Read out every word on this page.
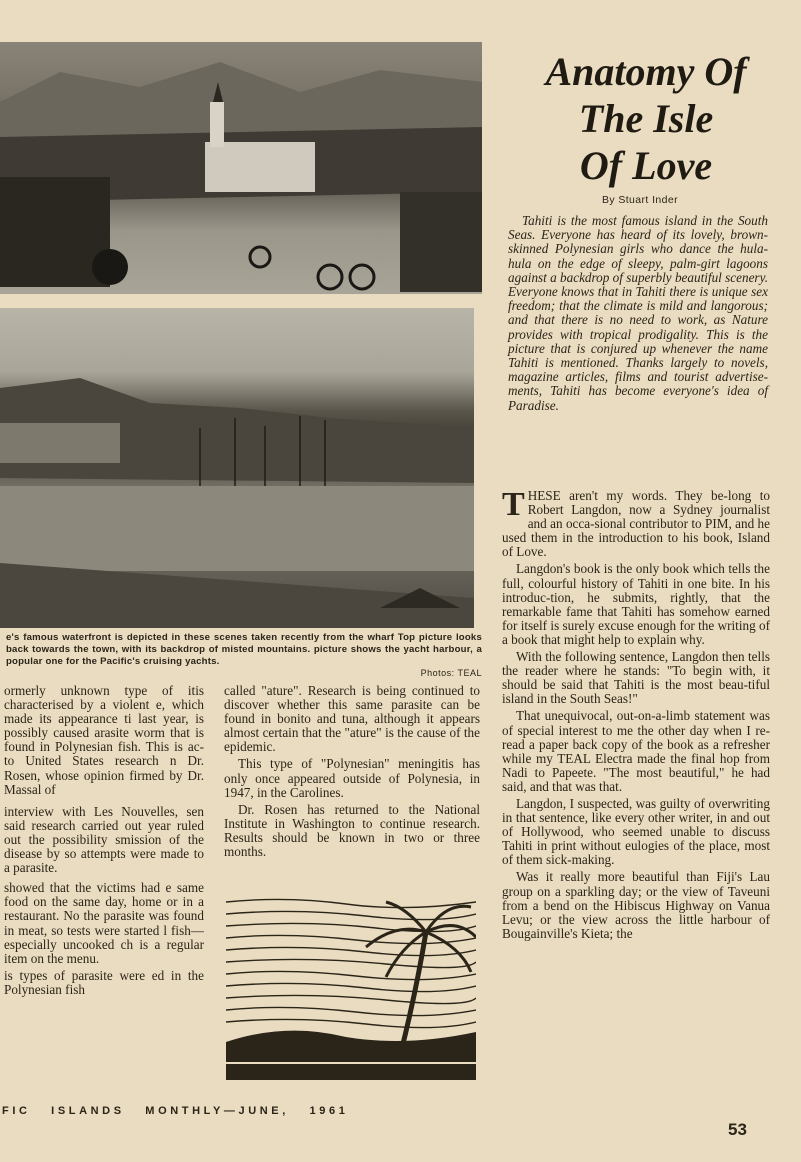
e's famous waterfront is depicted in these scenes taken recently from the wharf Top picture looks back towards the town, with its backdrop of misted mountains. picture shows the yacht harbour, a popular one for the Pacific's cruising yachts.
Photos: TEAL
Anatomy Of
The Isle
Of Love
By Stuart Inder
Tahiti is the most famous island in the South Seas. Everyone has heard of its lovely, brown-skinned Polynesian girls who dance the hula-hula on the edge of sleepy, palm-girt lagoons against a backdrop of superbly beautiful scenery. Everyone knows that in Tahiti there is unique sex freedom; that the climate is mild and langorous; and that there is no need to work, as Nature provides with tropical prodigality. This is the picture that is conjured up whenever the name Tahiti is mentioned. Thanks largely to novels, magazine articles, films and tourist advertise-ments, Tahiti has become everyone's idea of Paradise.

THESE aren't my words. They be-long to Robert Langdon, now a Sydney journalist and an occa-sional contributor to PIM, and he used them in the introduction to his book, Island of Love.

Langdon's book is the only book which tells the full, colourful history of Tahiti in one bite. In his introduc-tion, he submits, rightly, that the remarkable fame that Tahiti has somehow earned for itself is surely excuse enough for the writing of a book that might help to explain why.

With the following sentence, Langdon then tells the reader where he stands: "To begin with, it should be said that Tahiti is the most beau-tiful island in the South Seas!"

That unequivocal, out-on-a-limb statement was of special interest to me the other day when I re-read a paper back copy of the book as a refresher while my TEAL Electra made the final hop from Nadi to Papeete. "The most beautiful," he had said, and that was that.

Langdon, I suspected, was guilty of overwriting in that sentence, like every other writer, in and out of Hollywood, who seemed unable to discuss Tahiti in print without eulogies of the place, most of them sick-making.

Was it really more beautiful than Fiji's Lau group on a sparkling day; or the view of Taveuni from a bend on the Hibiscus Highway on Vanua Levu; or the view across the little harbour of Bougainville's Kieta; the

ormerly unknown type of itis characterised by a violent e, which made its appearance ti last year, is possibly caused arasite worm that is found in Polynesian fish. This is ac- to United States research n Dr. Rosen, whose opinion firmed by Dr. Massal of

interview with Les Nouvelles, sen said research carried out year ruled out the possibility smission of the disease by so attempts were made to a parasite.

showed that the victims had e same food on the same day, home or in a restaurant. No the parasite was found in meat, so tests were started l fish—especially uncooked ch is a regular item on the menu.

is types of parasite were ed in the Polynesian fish

called "ature". Research is being continued to discover whether this same parasite can be found in bonito and tuna, although it appears almost certain that the "ature" is the cause of the epidemic.

This type of "Polynesian" meningitis has only once appeared outside of Polynesia, in 1947, in the Carolines.

Dr. Rosen has returned to the National Institute in Washington to continue research. Results should be known in two or three months.

FIC ISLANDS MONTHLY—JUNE, 1961
53
